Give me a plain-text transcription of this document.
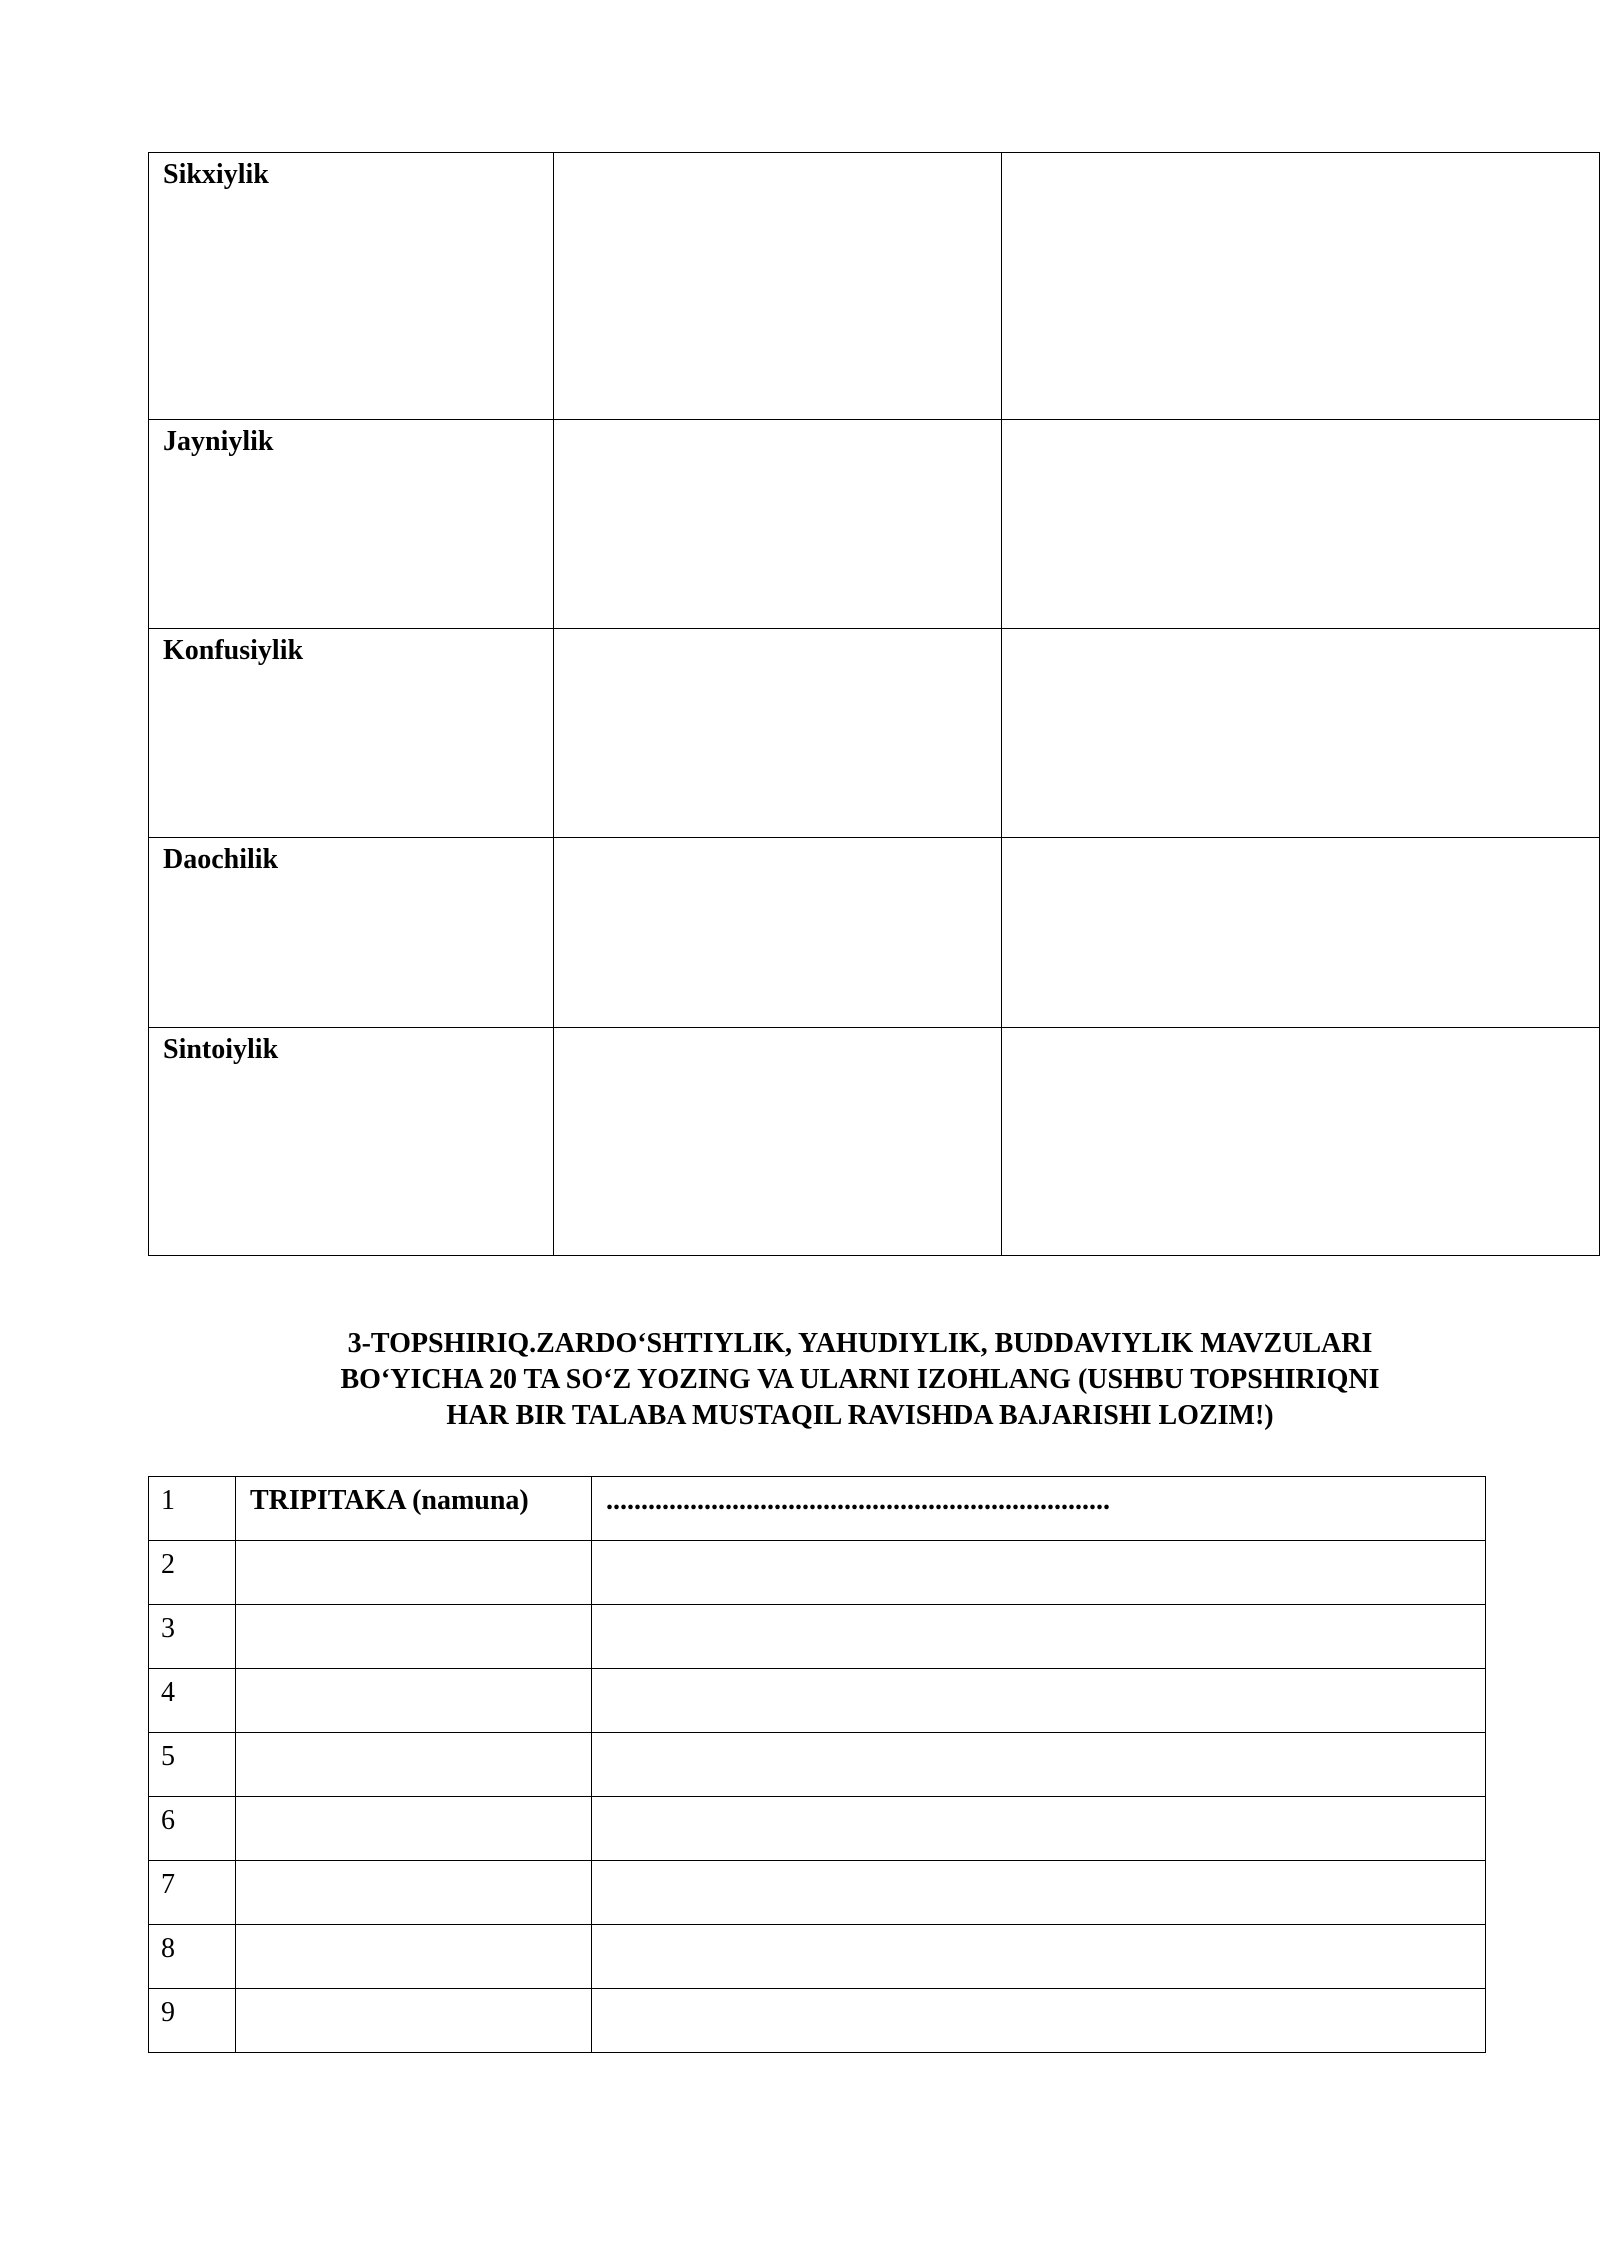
Sikxiylik		

Jayniylik		

Konfusiylik		

Daochilik		

Sintoiylik		

3-TOPSHIRIQ.ZARDO‘SHTIYLIK, YAHUDIYLIK, BUDDAVIYLIK MAVZULARI
BO‘YICHA 20 TA SO‘Z YOZING VA ULARNI IZOHLANG (USHBU TOPSHIRIQNI
HAR BIR TALABA MUSTAQIL RAVISHDA BAJARISHI LOZIM!)
1	TRIPITAKA (namuna)	........................................................................

2		

3		

4		

5		

6		

7		

8		

9		
